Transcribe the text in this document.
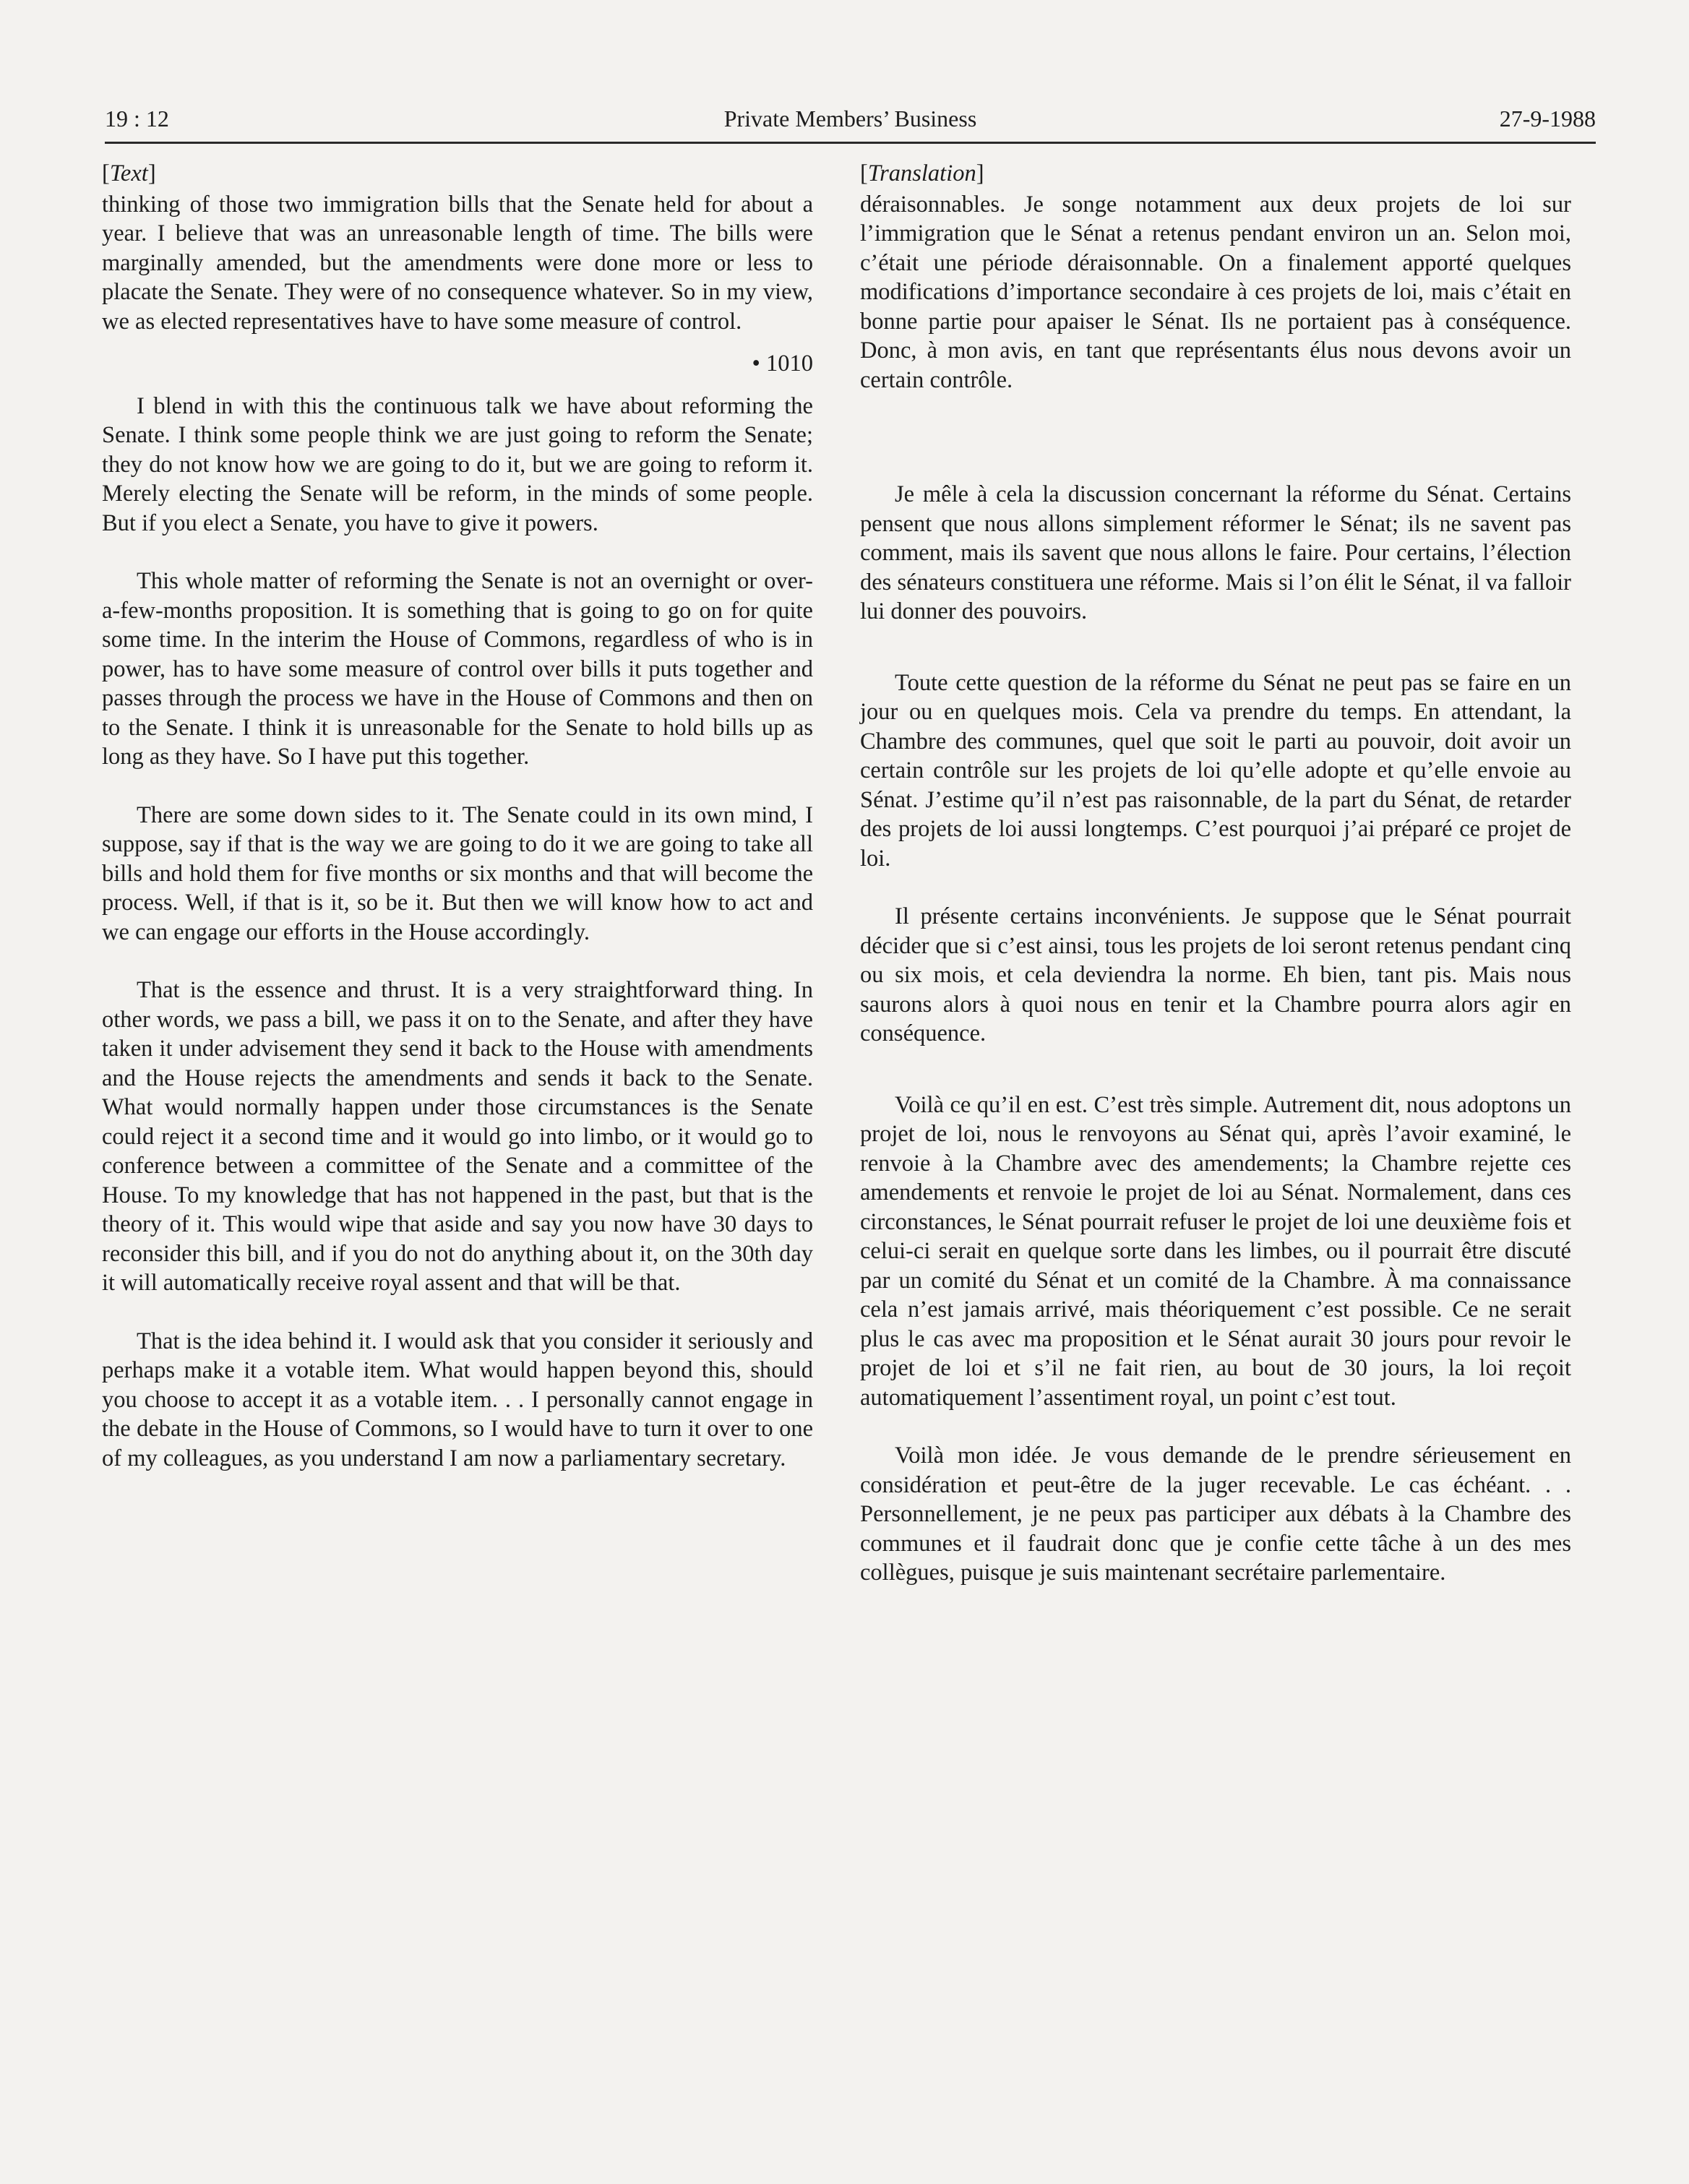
19 : 12	Private Members’ Business	27-9-1988
[Text]

thinking of those two immigration bills that the Senate held for about a year. I believe that was an unreasonable length of time. The bills were marginally amended, but the amendments were done more or less to placate the Senate. They were of no consequence whatever. So in my view, we as elected representatives have to have some measure of control.

• 1010

I blend in with this the continuous talk we have about reforming the Senate. I think some people think we are just going to reform the Senate; they do not know how we are going to do it, but we are going to reform it. Merely electing the Senate will be reform, in the minds of some people. But if you elect a Senate, you have to give it powers.

This whole matter of reforming the Senate is not an overnight or over-a-few-months proposition. It is something that is going to go on for quite some time. In the interim the House of Commons, regardless of who is in power, has to have some measure of control over bills it puts together and passes through the process we have in the House of Commons and then on to the Senate. I think it is unreasonable for the Senate to hold bills up as long as they have. So I have put this together.

There are some down sides to it. The Senate could in its own mind, I suppose, say if that is the way we are going to do it we are going to take all bills and hold them for five months or six months and that will become the process. Well, if that is it, so be it. But then we will know how to act and we can engage our efforts in the House accordingly.

That is the essence and thrust. It is a very straightforward thing. In other words, we pass a bill, we pass it on to the Senate, and after they have taken it under advisement they send it back to the House with amendments and the House rejects the amendments and sends it back to the Senate. What would normally happen under those circumstances is the Senate could reject it a second time and it would go into limbo, or it would go to conference between a committee of the Senate and a committee of the House. To my knowledge that has not happened in the past, but that is the theory of it. This would wipe that aside and say you now have 30 days to reconsider this bill, and if you do not do anything about it, on the 30th day it will automatically receive royal assent and that will be that.

That is the idea behind it. I would ask that you consider it seriously and perhaps make it a votable item. What would happen beyond this, should you choose to accept it as a votable item. . . I personally cannot engage in the debate in the House of Commons, so I would have to turn it over to one of my colleagues, as you understand I am now a parliamentary secretary.

[Translation]

déraisonnables. Je songe notamment aux deux projets de loi sur l’immigration que le Sénat a retenus pendant environ un an. Selon moi, c’était une période déraisonnable. On a finalement apporté quelques modifications d’importance secondaire à ces projets de loi, mais c’était en bonne partie pour apaiser le Sénat. Ils ne portaient pas à conséquence. Donc, à mon avis, en tant que représentants élus nous devons avoir un certain contrôle.

Je mêle à cela la discussion concernant la réforme du Sénat. Certains pensent que nous allons simplement réformer le Sénat; ils ne savent pas comment, mais ils savent que nous allons le faire. Pour certains, l’élection des sénateurs constituera une réforme. Mais si l’on élit le Sénat, il va falloir lui donner des pouvoirs.

Toute cette question de la réforme du Sénat ne peut pas se faire en un jour ou en quelques mois. Cela va prendre du temps. En attendant, la Chambre des communes, quel que soit le parti au pouvoir, doit avoir un certain contrôle sur les projets de loi qu’elle adopte et qu’elle envoie au Sénat. J’estime qu’il n’est pas raisonnable, de la part du Sénat, de retarder des projets de loi aussi longtemps. C’est pourquoi j’ai préparé ce projet de loi.

Il présente certains inconvénients. Je suppose que le Sénat pourrait décider que si c’est ainsi, tous les projets de loi seront retenus pendant cinq ou six mois, et cela deviendra la norme. Eh bien, tant pis. Mais nous saurons alors à quoi nous en tenir et la Chambre pourra alors agir en conséquence.

Voilà ce qu’il en est. C’est très simple. Autrement dit, nous adoptons un projet de loi, nous le renvoyons au Sénat qui, après l’avoir examiné, le renvoie à la Chambre avec des amendements; la Chambre rejette ces amendements et renvoie le projet de loi au Sénat. Normalement, dans ces circonstances, le Sénat pourrait refuser le projet de loi une deuxième fois et celui-ci serait en quelque sorte dans les limbes, ou il pourrait être discuté par un comité du Sénat et un comité de la Chambre. À ma connaissance cela n’est jamais arrivé, mais théoriquement c’est possible. Ce ne serait plus le cas avec ma proposition et le Sénat aurait 30 jours pour revoir le projet de loi et s’il ne fait rien, au bout de 30 jours, la loi reçoit automatiquement l’assentiment royal, un point c’est tout.

Voilà mon idée. Je vous demande de le prendre sérieusement en considération et peut-être de la juger recevable. Le cas échéant. . . Personnellement, je ne peux pas participer aux débats à la Chambre des communes et il faudrait donc que je confie cette tâche à un des mes collègues, puisque je suis maintenant secrétaire parlementaire.
